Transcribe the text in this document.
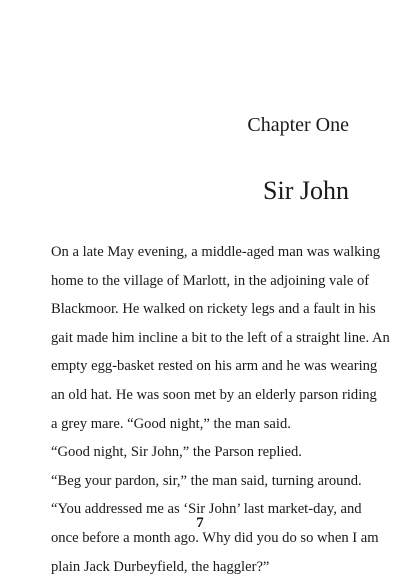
Chapter One
Sir John
On a late May evening, a middle-aged man was walking
home to the village of Marlott, in the adjoining vale of
Blackmoor. He walked on rickety legs and a fault in his
gait made him incline a bit to the left of a straight line. An
empty egg-basket rested on his arm and he was wearing
an old hat. He was soon met by an elderly parson riding
a grey mare. “Good night,” the man said.
“Good night, Sir John,” the Parson replied.
“Beg your pardon, sir,” the man said, turning around.
“You addressed me as ‘Sir John’ last market-day, and
once before a month ago. Why did you do so when I am
plain Jack Durbeyfield, the haggler?”
7
